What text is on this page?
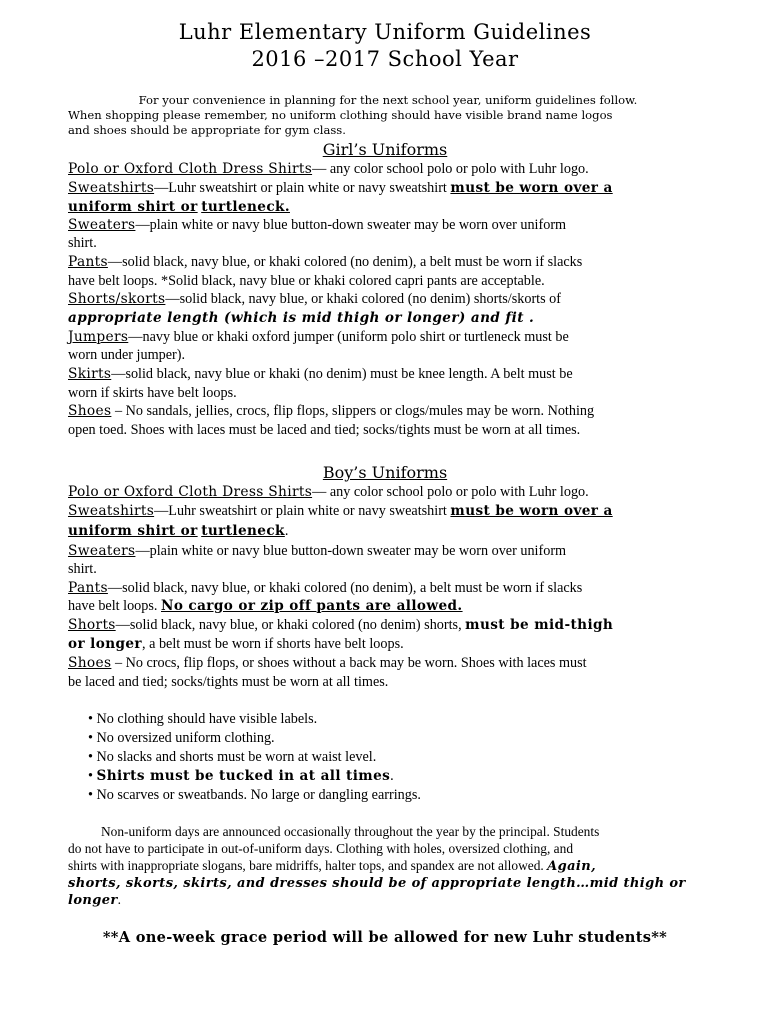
Luhr Elementary Uniform Guidelines
2016 –2017 School Year
For your convenience in planning for the next school year, uniform guidelines follow.
When shopping please remember, no uniform clothing should have visible brand name logos
and shoes should be appropriate for gym class.
Girl’s Uniforms
Polo or Oxford Cloth Dress Shirts— any color school polo or polo with Luhr logo.
Sweatshirts—Luhr sweatshirt or plain white or navy sweatshirt must be worn over a
uniform shirt or turtleneck.
Sweaters—plain white or navy blue button-down sweater may be worn over uniform
shirt.
Pants—solid black, navy blue, or khaki colored (no denim), a belt must be worn if slacks
have belt loops. *Solid black, navy blue or khaki colored capri pants are acceptable.
Shorts/skorts—solid black, navy blue, or khaki colored (no denim) shorts/skorts of
appropriate length (which is mid thigh or longer) and fit .
Jumpers—navy blue or khaki oxford jumper (uniform polo shirt or turtleneck must be
worn under jumper).
Skirts—solid black, navy blue or khaki (no denim) must be knee length. A belt must be
worn if skirts have belt loops.
Shoes – No sandals, jellies, crocs, flip flops, slippers or clogs/mules may be worn. Nothing
open toed. Shoes with laces must be laced and tied; socks/tights must be worn at all times.
Boy’s Uniforms
Polo or Oxford Cloth Dress Shirts— any color school polo or polo with Luhr logo.
Sweatshirts—Luhr sweatshirt or plain white or navy sweatshirt must be worn over a
uniform shirt or turtleneck.
Sweaters—plain white or navy blue button-down sweater may be worn over uniform
shirt.
Pants—solid black, navy blue, or khaki colored (no denim), a belt must be worn if slacks
have belt loops. No cargo or zip off pants are allowed.
Shorts—solid black, navy blue, or khaki colored (no denim) shorts, must be mid-thigh
or longer, a belt must be worn if shorts have belt loops.
Shoes – No crocs, flip flops, or shoes without a back may be worn. Shoes with laces must
be laced and tied; socks/tights must be worn at all times.
• No clothing should have visible labels.
• No oversized uniform clothing.
• No slacks and shorts must be worn at waist level.
• Shirts must be tucked in at all times.
• No scarves or sweatbands. No large or dangling earrings.
Non-uniform days are announced occasionally throughout the year by the principal. Students
do not have to participate in out-of-uniform days. Clothing with holes, oversized clothing, and
shirts with inappropriate slogans, bare midriffs, halter tops, and spandex are not allowed. Again,
shorts, skorts, skirts, and dresses should be of appropriate length…mid thigh or
longer.
**A one-week grace period will be allowed for new Luhr students**
